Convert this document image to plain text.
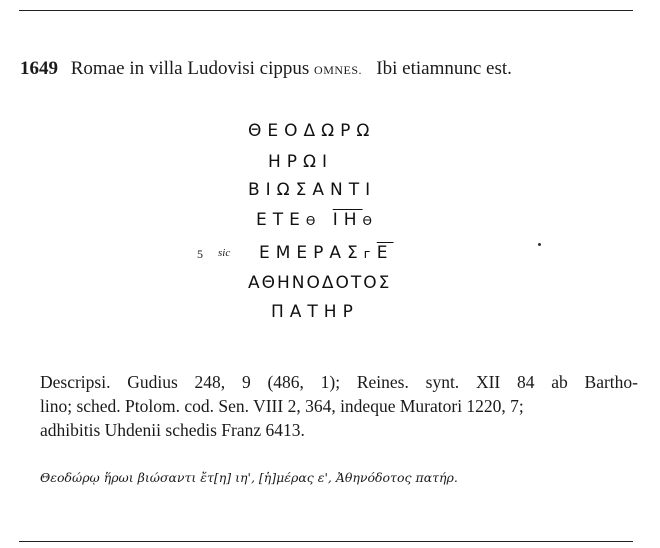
1649 Romae in villa Ludovisi cippus OMNES. Ibi etiamnunc est.
ΘΕΟΔΩΡΩ
ΗΡΩΙ
ΒΙΩΣΑΝΤΙ
ΕΤΕϴ $\overline{IH}ϴ$
$EMEPA\Sigma ᴦ\overline{E}$
ΑΘΗΝΟΔΟΤΟΣ
ΠΑΤΗΡ
5 sic
Descripsi. Gudius 248, 9 (486, 1); Reines. synt. XII 84 ab Bartho-
lino; sched. Ptolom. cod. Sen. VIII 2, 364, indeque Muratori 1220, 7;
adhibitis Uhdenii schedis Franz 6413.
Θεοδώρῳ ἥρωι βιώσαντι ἔτ[η] ιη', [ἡ]μέρας ε', Ἀθηνόδοτος πατήρ.
